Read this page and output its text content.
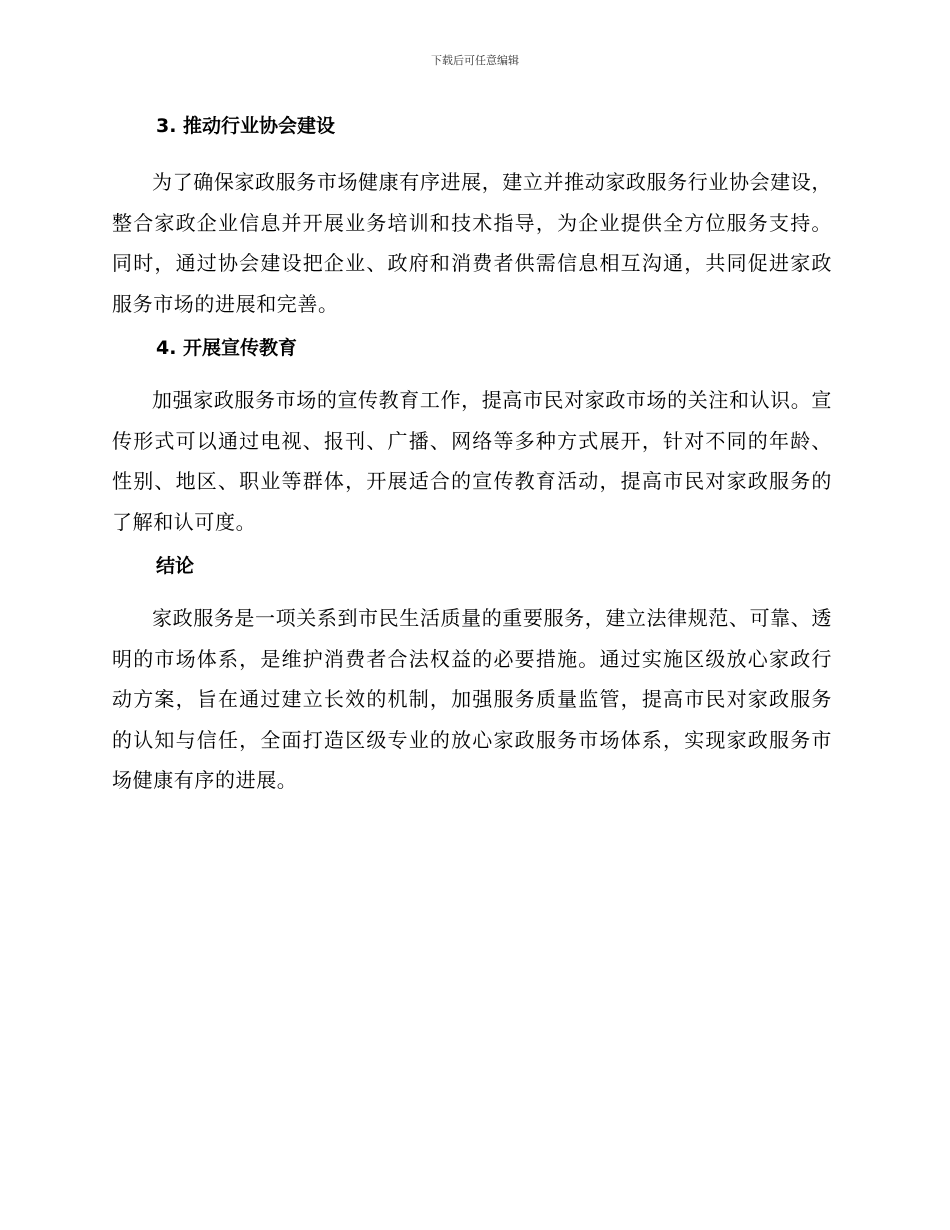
下载后可任意编辑
3. 推动行业协会建设

为了确保家政服务市场健康有序进展，建立并推动家政服务行业协会建设，整合家政企业信息并开展业务培训和技术指导，为企业提供全方位服务支持。同时，通过协会建设把企业、政府和消费者供需信息相互沟通，共同促进家政服务市场的进展和完善。

4. 开展宣传教育

加强家政服务市场的宣传教育工作，提高市民对家政市场的关注和认识。宣传形式可以通过电视、报刊、广播、网络等多种方式展开，针对不同的年龄、性别、地区、职业等群体，开展适合的宣传教育活动，提高市民对家政服务的了解和认可度。

结论

家政服务是一项关系到市民生活质量的重要服务，建立法律规范、可靠、透明的市场体系，是维护消费者合法权益的必要措施。通过实施区级放心家政行动方案，旨在通过建立长效的机制，加强服务质量监管，提高市民对家政服务的认知与信任，全面打造区级专业的放心家政服务市场体系，实现家政服务市场健康有序的进展。
